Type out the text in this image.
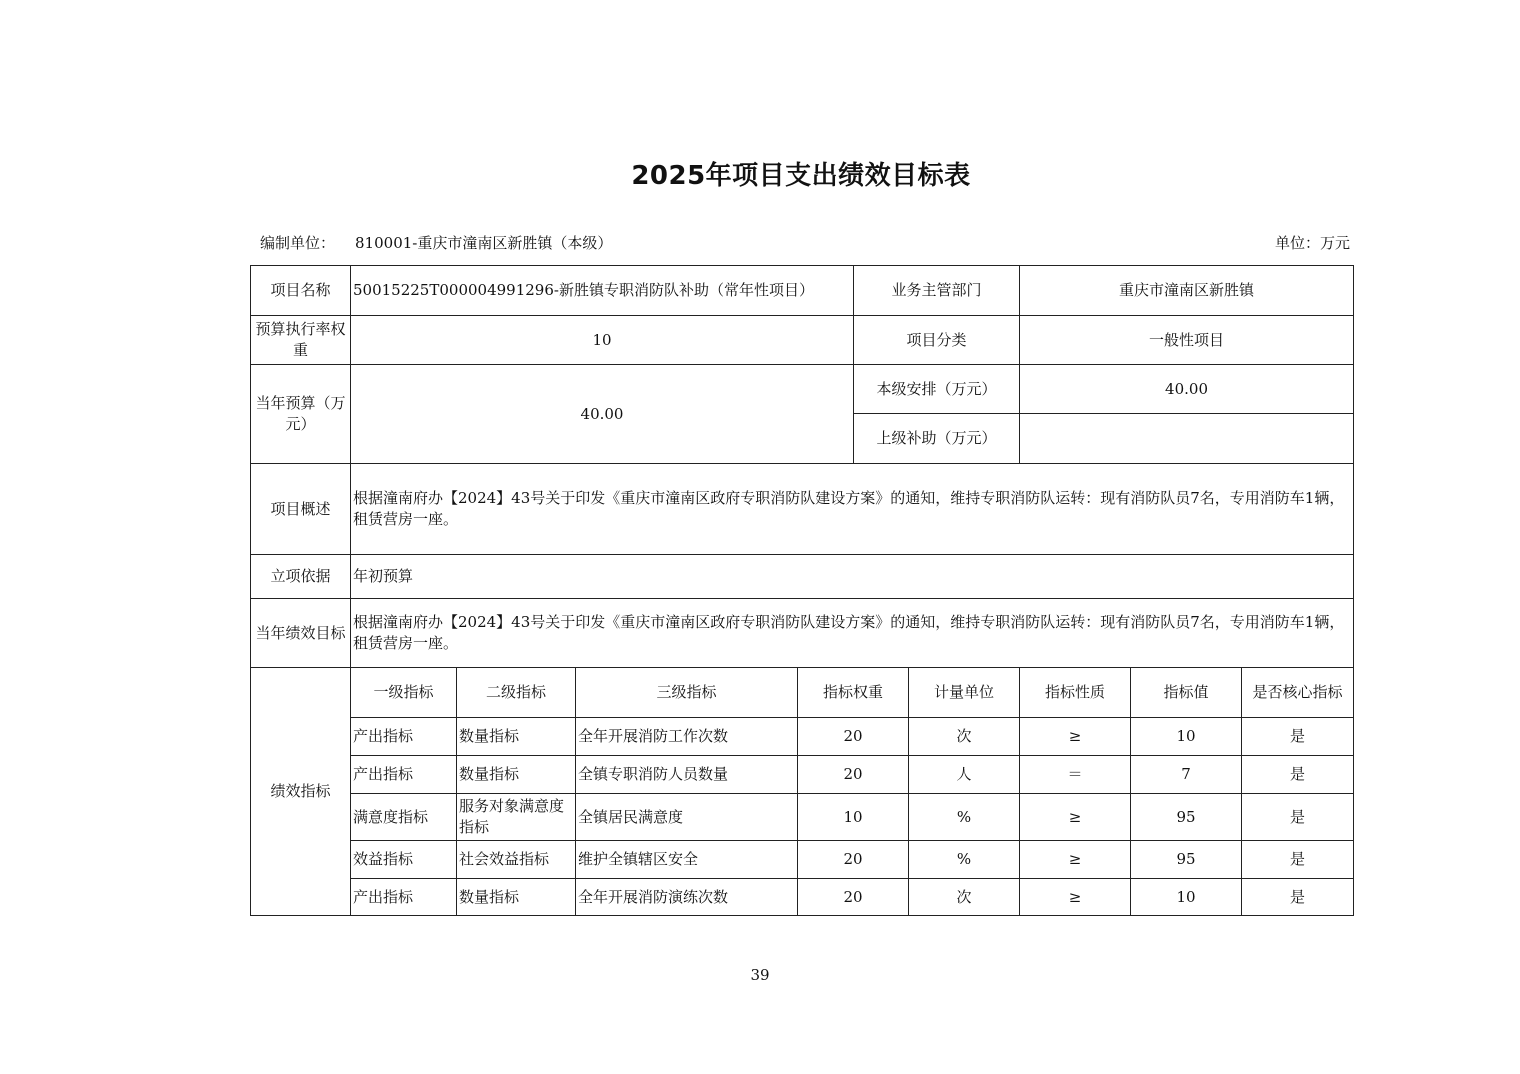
2025年项目支出绩效目标表
编制单位： 810001-重庆市潼南区新胜镇（本级）	单位：万元
项目名称	50015225T000004991296-新胜镇专职消防队补助（常年性项目）				业务主管部门		重庆市潼南区新胜镇		
预算执行率权重	10				项目分类		一般性项目		
当年预算（万元）	40.00				本级安排（万元）		40.00		
					上级补助（万元）				
项目概述	根据潼南府办【2024】43号关于印发《重庆市潼南区政府专职消防队建设方案》的通知，维持专职消防队运转：现有消防队员7名，专用消防车1辆，租赁营房一座。								
立项依据	年初预算								
当年绩效目标	根据潼南府办【2024】43号关于印发《重庆市潼南区政府专职消防队建设方案》的通知，维持专职消防队运转：现有消防队员7名，专用消防车1辆，租赁营房一座。								
绩效指标	一级指标	二级指标	三级指标	指标权重		计量单位	指标性质	指标值	是否核心指标
	产出指标	数量指标	全年开展消防工作次数	20		次	≥	10	是
	产出指标	数量指标	全镇专职消防人员数量	20		人	＝	7	是
	满意度指标	服务对象满意度指标	全镇居民满意度	10		%	≥	95	是
	效益指标	社会效益指标	维护全镇辖区安全	20		%	≥	95	是
	产出指标	数量指标	全年开展消防演练次数	20		次	≥	10	是
39
